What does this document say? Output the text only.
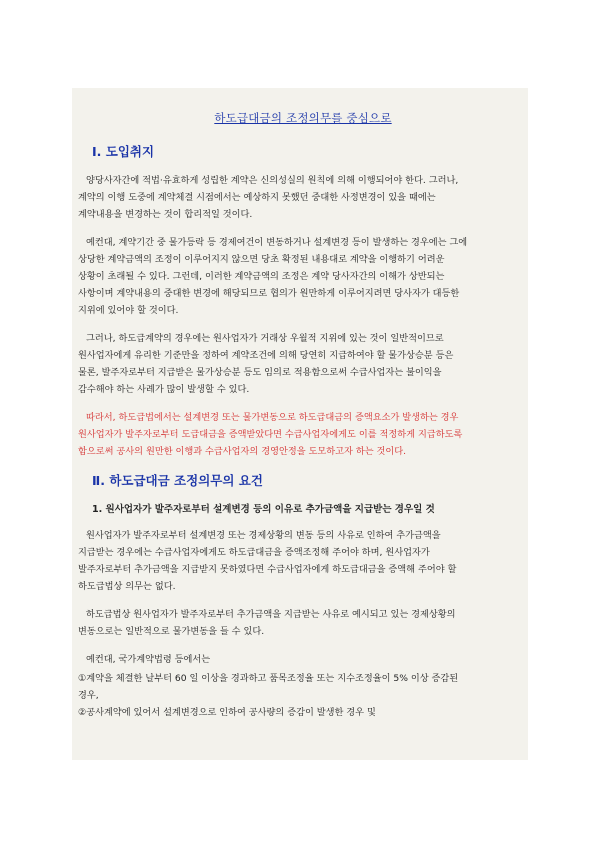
하도급대금의 조정의무를 중심으로
Ⅰ. 도입취지
양당사자간에 적법·유효하게 성립한 계약은 신의성실의 원칙에 의해 이행되어야 한다. 그러나,
계약의 이행 도중에 계약체결 시점에서는 예상하지 못했던 중대한 사정변경이 있을 때에는
계약내용을 변경하는 것이 합리적일 것이다.
예컨대, 계약기간 중 물가등락 등 경제여건이 변동하거나 설계변경 등이 발생하는 경우에는 그에
상당한 계약금액의 조정이 이루어지지 않으면 당초 확정된 내용대로 계약을 이행하기 어려운
상황이 초래될 수 있다. 그런데, 이러한 계약금액의 조정은 계약 당사자간의 이해가 상반되는
사항이며 계약내용의 중대한 변경에 해당되므로 협의가 원만하게 이루어지려면 당사자가 대등한
지위에 있어야 할 것이다.
그러나, 하도급계약의 경우에는 원사업자가 거래상 우월적 지위에 있는 것이 일반적이므로
원사업자에게 유리한 기준만을 정하여 계약조건에 의해 당연히 지급하여야 할 물가상승분 등은
물론, 발주자로부터 지급받은 물가상승분 등도 임의로 적용함으로써 수급사업자는 불이익을
감수해야 하는 사례가 많이 발생할 수 있다.
따라서, 하도급법에서는 설계변경 또는 물가변동으로 하도급대금의 증액요소가 발생하는 경우
원사업자가 발주자로부터 도급대금을 증액받았다면 수급사업자에게도 이를 적정하게 지급하도록
함으로써 공사의 원만한 이행과 수급사업자의 경영안정을 도모하고자 하는 것이다.
Ⅱ. 하도급대금 조정의무의 요건
1. 원사업자가 발주자로부터 설계변경 등의 이유로 추가금액을 지급받는 경우일 것
원사업자가 발주자로부터 설계변경 또는 경제상황의 변동 등의 사유로 인하여 추가금액을
지급받는 경우에는 수급사업자에게도 하도급대금을 증액조정해 주어야 하며, 원사업자가
발주자로부터 추가금액을 지급받지 못하였다면 수급사업자에게 하도급대금을 증액해 주어야 할
하도급법상 의무는 없다.
하도급법상 원사업자가 발주자로부터 추가금액을 지급받는 사유로 예시되고 있는 경제상황의
변동으로는 일반적으로 물가변동을 들 수 있다.
예컨대, 국가계약법령 등에서는
①계약을 체결한 날부터 60 일 이상을 경과하고 품목조정율 또는 지수조정율이 5% 이상 증감된
경우,
②공사계약에 있어서 설계변경으로 인하여 공사량의 증감이 발생한 경우 및
